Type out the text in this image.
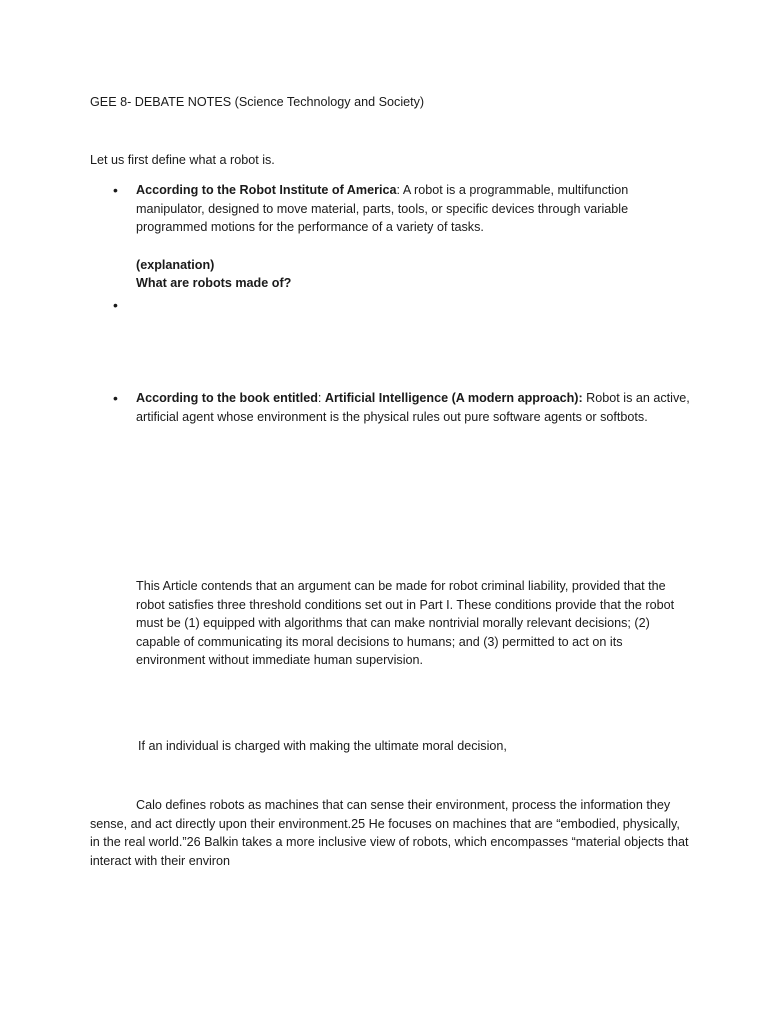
GEE 8- DEBATE NOTES (Science Technology and Society)
Let us first define what a robot is.
• According to the Robot Institute of America: A robot is a programmable, multifunction manipulator, designed to move material, parts, tools, or specific devices through variable programmed motions for the performance of a variety of tasks.
(explanation)
What are robots made of?
•
• According to the book entitled: Artificial Intelligence (A modern approach): Robot is an active, artificial agent whose environment is the physical rules out pure software agents or softbots.
This Article contends that an argument can be made for robot criminal liability, provided that the robot satisfies three threshold conditions set out in Part I. These conditions provide that the robot must be (1) equipped with algorithms that can make nontrivial morally relevant decisions; (2) capable of communicating its moral decisions to humans; and (3) permitted to act on its environment without immediate human supervision.
If an individual is charged with making the ultimate moral decision,
Calo defines robots as machines that can sense their environment, process the information they sense, and act directly upon their environment.25 He focuses on machines that are “embodied, physically, in the real world.”26 Balkin takes a more inclusive view of robots, which encompasses “material objects that interact with their environ
